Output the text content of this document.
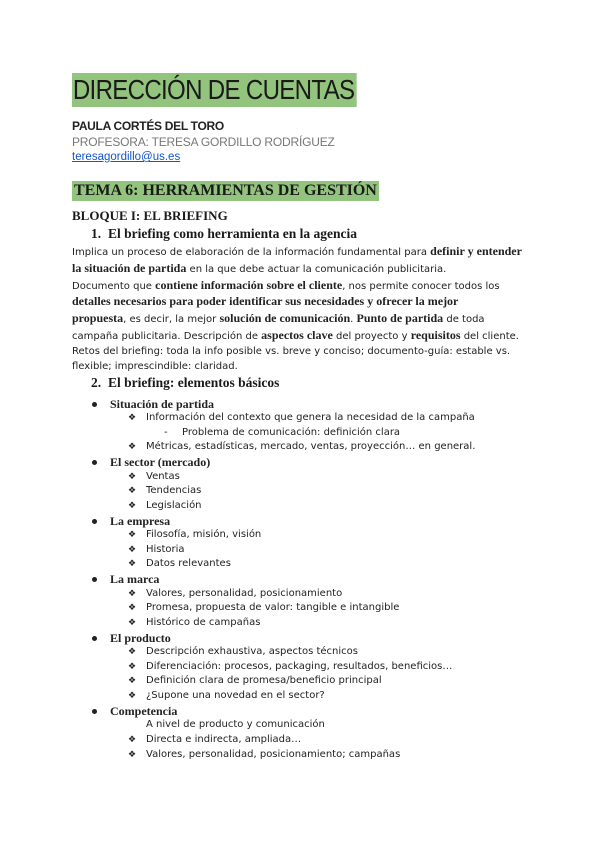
DIRECCIÓN DE CUENTAS
PAULA CORTÉS DEL TORO
PROFESORA: TERESA GORDILLO RODRÍGUEZ
teresagordillo@us.es
TEMA 6: HERRAMIENTAS DE GESTIÓN
BLOQUE I: EL BRIEFING
1. El briefing como herramienta en la agencia
Implica un proceso de elaboración de la información fundamental para definir y entender
la situación de partida en la que debe actuar la comunicación publicitaria.
Documento que contiene información sobre el cliente, nos permite conocer todos los
detalles necesarios para poder identificar sus necesidades y ofrecer la mejor
propuesta, es decir, la mejor solución de comunicación. Punto de partida de toda
campaña publicitaria. Descripción de aspectos clave del proyecto y requisitos del cliente.
Retos del briefing: toda la info posible vs. breve y conciso; documento-guía: estable vs.
flexible; imprescindible: claridad.
2. El briefing: elementos básicos
Situación de partida
❖ Información del contexto que genera la necesidad de la campaña
- Problema de comunicación: definición clara
❖ Métricas, estadísticas, mercado, ventas, proyección… en general.
El sector (mercado)
❖ Ventas
❖ Tendencias
❖ Legislación
La empresa
❖ Filosofía, misión, visión
❖ Historia
❖ Datos relevantes
La marca
❖ Valores, personalidad, posicionamiento
❖ Promesa, propuesta de valor: tangible e intangible
❖ Histórico de campañas
El producto
❖ Descripción exhaustiva, aspectos técnicos
❖ Diferenciación: procesos, packaging, resultados, beneficios…
❖ Definición clara de promesa/beneficio principal
❖ ¿Supone una novedad en el sector?
Competencia
A nivel de producto y comunicación
❖ Directa e indirecta, ampliada…
❖ Valores, personalidad, posicionamiento; campañas
